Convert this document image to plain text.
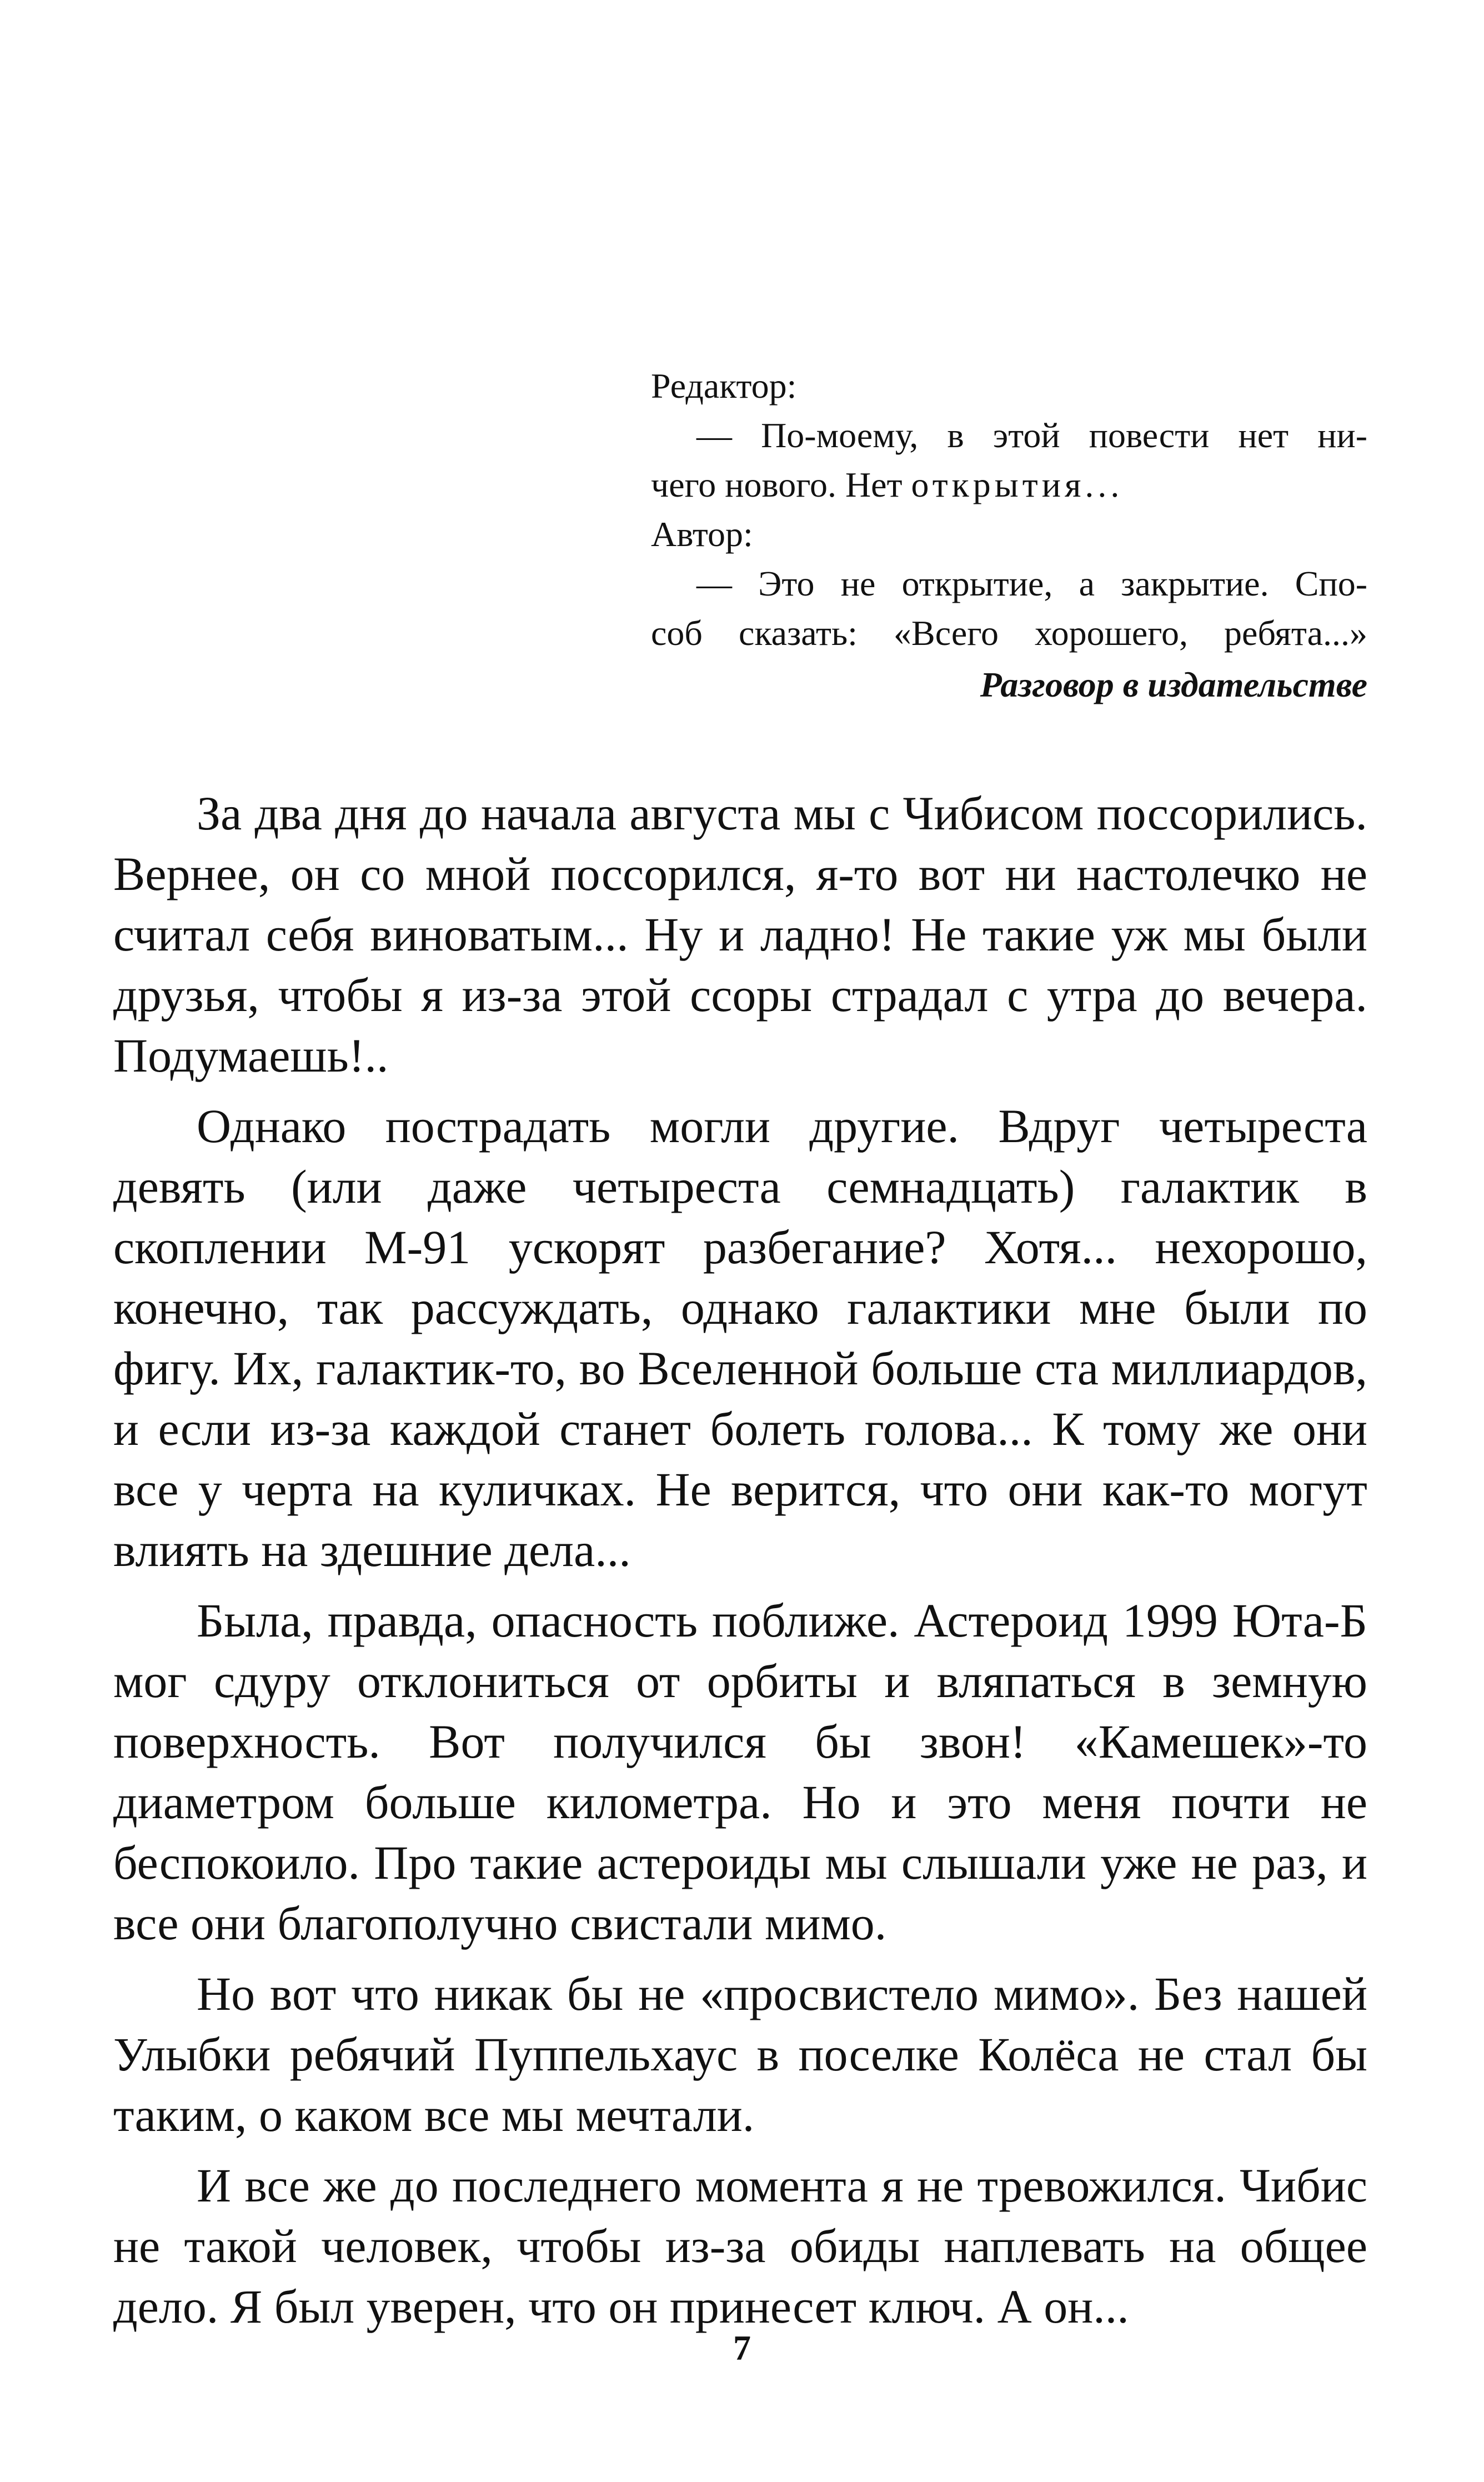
Редактор:
— По-моему, в этой повести нет ни-
чего нового. Нет открытия...
Автор:
— Это не открытие, а закрытие. Спо-
соб сказать: «Всего хорошего, ребята...»
Разговор в издательстве

За два дня до начала августа мы с Чибисом поссорились. Вернее, он со мной поссорился, я-то вот ни настолечко не считал себя виноватым... Ну и ладно! Не такие уж мы были друзья, чтобы я из-за этой ссоры страдал с утра до вечера. Подумаешь!..

Однако пострадать могли другие. Вдруг четыреста девять (или даже четыреста семнадцать) галактик в скоплении М-91 ускорят разбегание? Хотя... нехорошо, конечно, так рассуждать, однако галактики мне были по фигу. Их, галактик-то, во Вселенной больше ста миллиардов, и если из-за каждой станет болеть голова... К тому же они все у черта на куличках. Не верится, что они как-то могут влиять на здешние дела...

Была, правда, опасность поближе. Астероид 1999 Юта-Б мог сдуру отклониться от орбиты и вляпаться в земную поверхность. Вот получился бы звон! «Камешек»-то диаметром больше километра. Но и это меня почти не беспокоило. Про такие астероиды мы слышали уже не раз, и все они благополучно свистали мимо.

Но вот что никак бы не «просвистело мимо». Без нашей Улыбки ребячий Пуппельхаус в поселке Колёса не стал бы таким, о каком все мы мечтали.

И все же до последнего момента я не тревожился. Чибис не такой человек, чтобы из-за обиды наплевать на общее дело. Я был уверен, что он принесет ключ. А он...

7
